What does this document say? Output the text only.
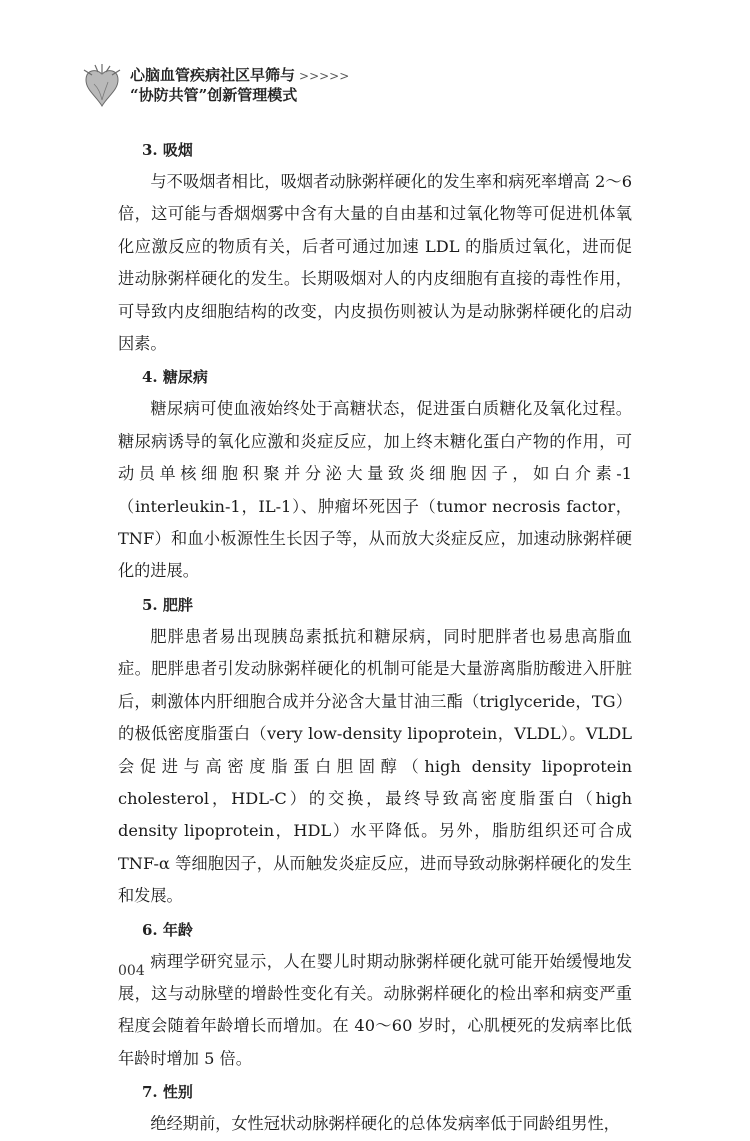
心脑血管疾病社区早筛与 >>>>>
“协防共管”创新管理模式
3. 吸烟

与不吸烟者相比，吸烟者动脉粥样硬化的发生率和病死率增高 2～6 倍，这可能与香烟烟雾中含有大量的自由基和过氧化物等可促进机体氧化应激反应的物质有关，后者可通过加速 LDL 的脂质过氧化，进而促进动脉粥样硬化的发生。长期吸烟对人的内皮细胞有直接的毒性作用，可导致内皮细胞结构的改变，内皮损伤则被认为是动脉粥样硬化的启动因素。

4. 糖尿病

糖尿病可使血液始终处于高糖状态，促进蛋白质糖化及氧化过程。糖尿病诱导的氧化应激和炎症反应，加上终末糖化蛋白产物的作用，可动员单核细胞积聚并分泌大量致炎细胞因子，如白介素-1（interleukin-1，IL-1）、肿瘤坏死因子（tumor necrosis factor，TNF）和血小板源性生长因子等，从而放大炎症反应，加速动脉粥样硬化的进展。

5. 肥胖

肥胖患者易出现胰岛素抵抗和糖尿病，同时肥胖者也易患高脂血症。肥胖患者引发动脉粥样硬化的机制可能是大量游离脂肪酸进入肝脏后，刺激体内肝细胞合成并分泌含大量甘油三酯（triglyceride，TG）的极低密度脂蛋白（very low-density lipoprotein，VLDL）。VLDL 会促进与高密度脂蛋白胆固醇（high density lipoprotein cholesterol，HDL-C）的交换，最终导致高密度脂蛋白（high density lipoprotein，HDL）水平降低。另外，脂肪组织还可合成 TNF-α 等细胞因子，从而触发炎症反应，进而导致动脉粥样硬化的发生和发展。

6. 年龄

病理学研究显示，人在婴儿时期动脉粥样硬化就可能开始缓慢地发展，这与动脉壁的增龄性变化有关。动脉粥样硬化的检出率和病变严重程度会随着年龄增长而增加。在 40～60 岁时，心肌梗死的发病率比低年龄时增加 5 倍。

7. 性别

绝经期前，女性冠状动脉粥样硬化的总体发病率低于同龄组男性，

004
